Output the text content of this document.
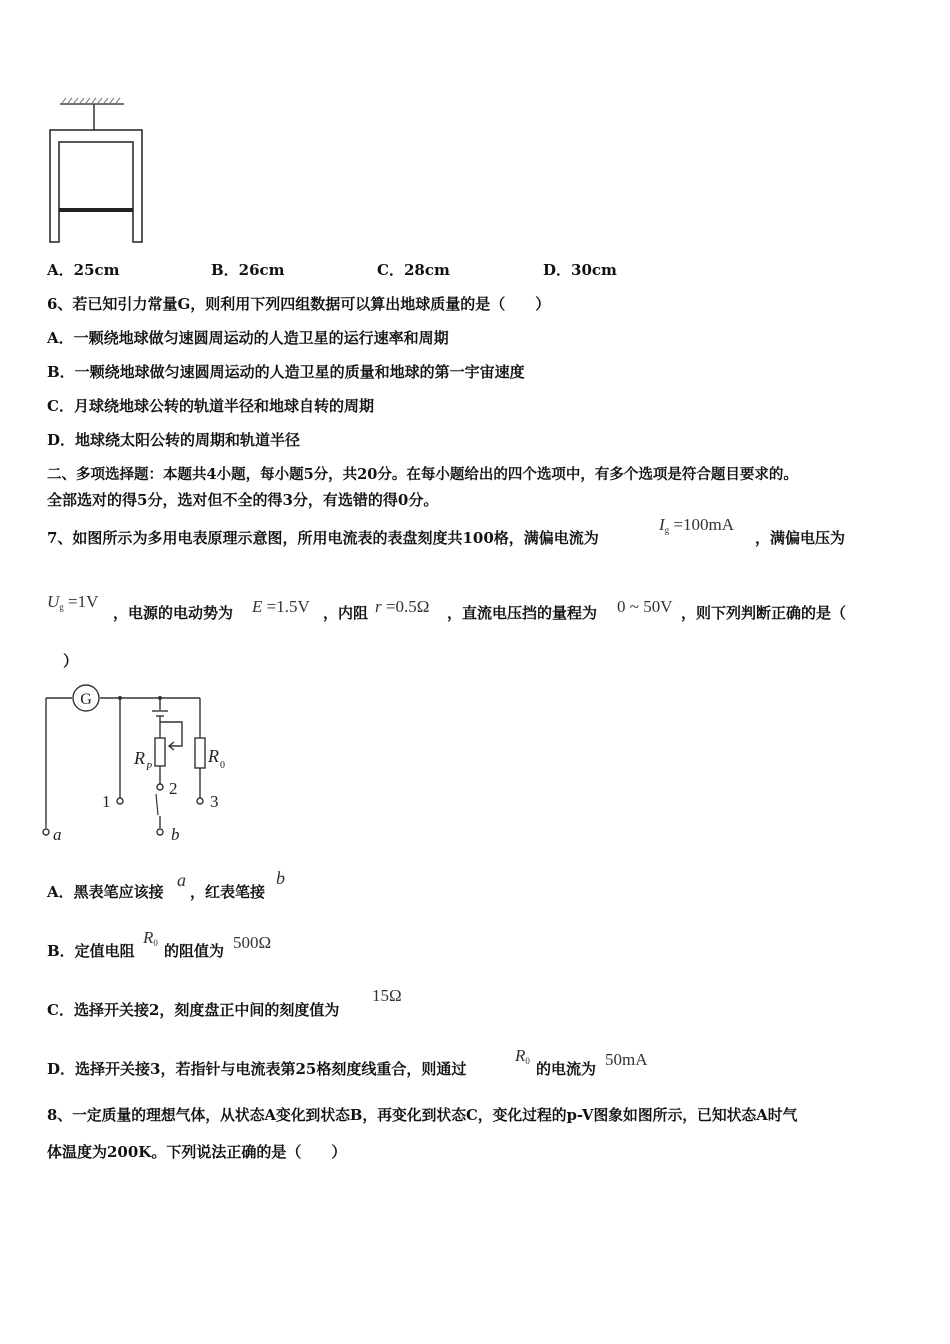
A．25cm	B．26cm	C．28cm	D．30cm
6、若已知引力常量G，则利用下列四组数据可以算出地球质量的是（　　）
A．一颗绕地球做匀速圆周运动的人造卫星的运行速率和周期
B．一颗绕地球做匀速圆周运动的人造卫星的质量和地球的第一宇宙速度
C．月球绕地球公转的轨道半径和地球自转的周期
D．地球绕太阳公转的周期和轨道半径
二、多项选择题：本题共4小题，每小题5分，共20分。在每小题给出的四个选项中，有多个选项是符合题目要求的。
全部选对的得5分，选对但不全的得3分，有选错的得0分。
7、如图所示为多用电表原理示意图，所用电流表的表盘刻度共100格，满偏电流为
$I_g =100mA$
，满偏电压为
$U_g =1V$
，电源的电动势为 E =1.5V ，内阻 r =0.5Ω ，直流电压挡的量程为 0 ~ 50V ，则下列判断正确的是（
）
G
R P
R 0
1
2
3
a	b
A．黑表笔应该接
a
，红表笔接
b
B．定值电阻
$R_0$ 的阻值为 500Ω
C．选择开关接2，刻度盘正中间的刻度值为
15Ω
D．选择开关接3，若指针与电流表第25格刻度线重合，则通过
$R_0$ 的电流为 50mA
8、一定质量的理想气体，从状态A变化到状态B，再变化到状态C，变化过程的p-V图象如图所示，已知状态A时气
体温度为200K。下列说法正确的是（　　）
